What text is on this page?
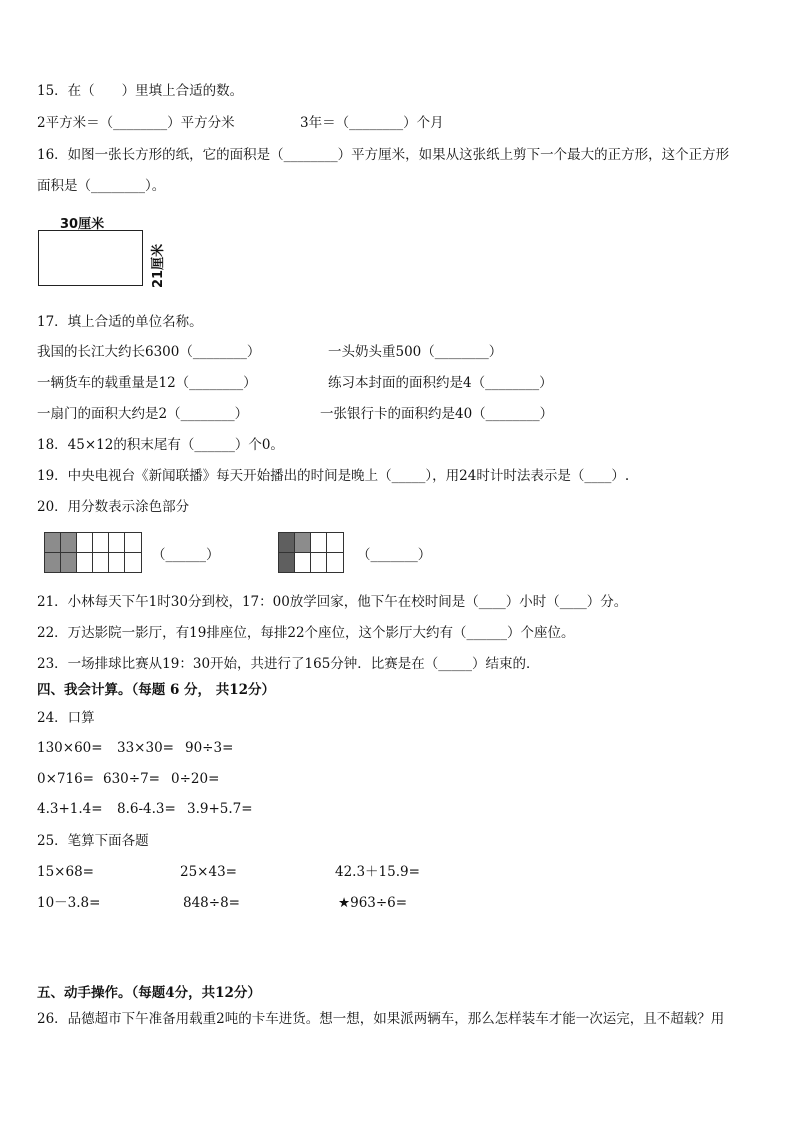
15．在（　　）里填上合适的数。
2平方米＝（________）平方分米	3年＝（________）个月
16．如图一张长方形的纸，它的面积是（________）平方厘米，如果从这张纸上剪下一个最大的正方形，这个正方形
面积是（________）。
30厘米
21厘米
17．填上合适的单位名称。
我国的长江大约长6300（________）	一头奶头重500（________）
一辆货车的载重量是12（________）	练习本封面的面积约是4（________）
一扇门的面积大约是2（________）	一张银行卡的面积约是40（________）
18．45×12的积末尾有（______）个0。
19．中央电视台《新闻联播》每天开始播出的时间是晚上（_____），用24时计时法表示是（____）.
20．用分数表示涂色部分
（______）	（_______）
21．小林每天下午1时30分到校，17：00放学回家，他下午在校时间是（____）小时（____）分。
22．万达影院一影厅，有19排座位，每排22个座位，这个影厅大约有（______）个座位。
23．一场排球比赛从19：30开始，共进行了165分钟．比赛是在（_____）结束的．
四、我会计算。（每题 6 分， 共12分）
24．口算
130×60= 33×30= 90÷3=
0×716= 630÷7= 0÷20=
4.3+1.4= 8.6-4.3= 3.9+5.7=
25．笔算下面各题
15×68=	25×43=	42.3＋15.9=
10－3.8=	848÷8=	★963÷6=
五、动手操作。（每题4分，共12分）
26．品德超市下午准备用载重2吨的卡车进货。想一想，如果派两辆车，那么怎样装车才能一次运完，且不超载？用
